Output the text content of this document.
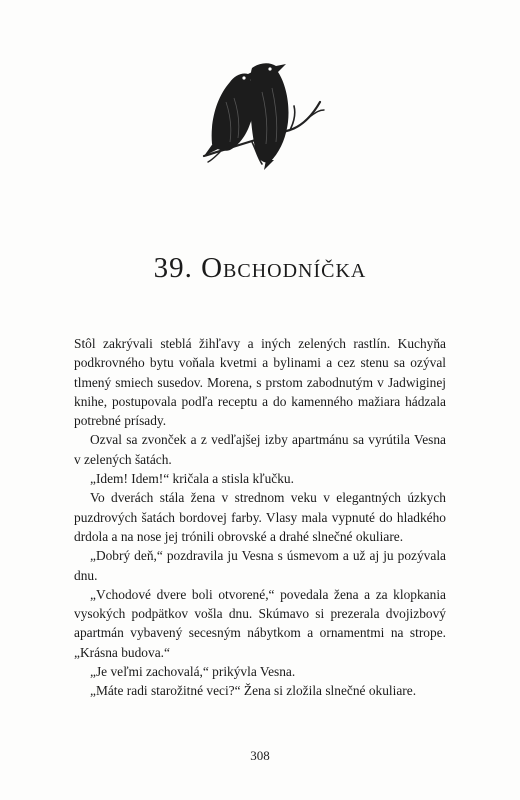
39. Obchodníčka

Stôl zakrývali steblá žihľavy a iných zelených rastlín. Kuchyňa podkrovného bytu voňala kvetmi a bylinami a cez stenu sa ozýval tlmený smiech susedov. Morena, s prstom zabodnutým v Jadwiginej knihe, postupovala podľa receptu a do kamenného mažiara hádzala potrebné prísady.

Ozval sa zvonček a z vedľajšej izby apartmánu sa vyrútila Vesna v zelených šatách.

„Idem! Idem!“ kričala a stisla kľučku.

Vo dverách stála žena v strednom veku v elegantných úzkych puzdrových šatách bordovej farby. Vlasy mala vypnuté do hladkého drdola a na nose jej trónili obrovské a drahé slnečné okuliare.

„Dobrý deň,“ pozdravila ju Vesna s úsmevom a už aj ju pozývala dnu.

„Vchodové dvere boli otvorené,“ povedala žena a za klopkania vysokých podpätkov vošla dnu. Skúmavo si prezerala dvojizbový apartmán vybavený secesným nábytkom a ornamentmi na strope. „Krásna budova.“

„Je veľmi zachovalá,“ prikývla Vesna.

„Máte radi starožitné veci?“ Žena si zložila slnečné okuliare.

308
